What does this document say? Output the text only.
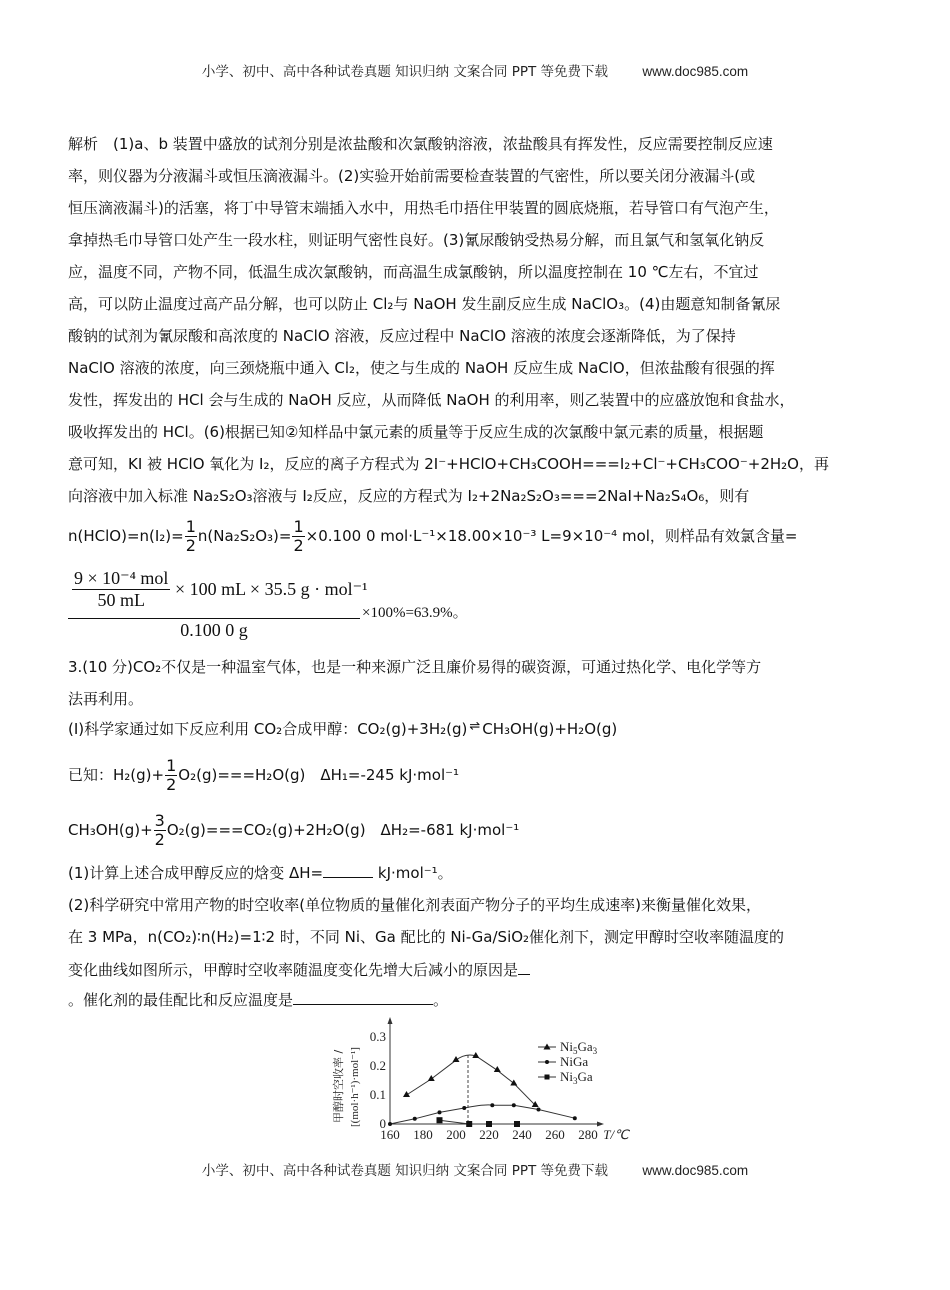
小学、初中、高中各种试卷真题 知识归纳 文案合同 PPT 等免费下载	www.doc985.com
解析　(1)a、b 装置中盛放的试剂分别是浓盐酸和次氯酸钠溶液，浓盐酸具有挥发性，反应需要控制反应速
率，则仪器为分液漏斗或恒压滴液漏斗。(2)实验开始前需要检查装置的气密性，所以要关闭分液漏斗(或
恒压滴液漏斗)的活塞，将丁中导管末端插入水中，用热毛巾捂住甲装置的圆底烧瓶，若导管口有气泡产生，
拿掉热毛巾导管口处产生一段水柱，则证明气密性良好。(3)氰尿酸钠受热易分解，而且氯气和氢氧化钠反
应，温度不同，产物不同，低温生成次氯酸钠，而高温生成氯酸钠，所以温度控制在 10 ℃左右，不宜过
高，可以防止温度过高产品分解，也可以防止 Cl₂与 NaOH 发生副反应生成 NaClO₃。(4)由题意知制备氰尿
酸钠的试剂为氰尿酸和高浓度的 NaClO 溶液，反应过程中 NaClO 溶液的浓度会逐渐降低，为了保持
NaClO 溶液的浓度，向三颈烧瓶中通入 Cl₂，使之与生成的 NaOH 反应生成 NaClO，但浓盐酸有很强的挥
发性，挥发出的 HCl 会与生成的 NaOH 反应，从而降低 NaOH 的利用率，则乙装置中的应盛放饱和食盐水，
吸收挥发出的 HCl。(6)根据已知②知样品中氯元素的质量等于反应生成的次氯酸中氯元素的质量，根据题
意可知，KI 被 HClO 氧化为 I₂，反应的离子方程式为 2I⁻+HClO+CH₃COOH===I₂+Cl⁻+CH₃COO⁻+2H₂O，再
向溶液中加入标准 Na₂S₂O₃溶液与 I₂反应，反应的方程式为 I₂+2Na₂S₂O₃===2NaI+Na₂S₄O₆，则有
n(HClO)=n(I₂)= $\frac{1}{2} n(Na_2S_2O_3)= \frac{1}{2} \times 0.100$ 0 mol·L⁻¹×18.00×10⁻³ L=9×10⁻⁴ mol，则样品有效氯含量=
9 × 10⁻⁴ mol
50 mL
× 100 mL × 35.5 g · mol⁻¹
0.100 0 g
×100%=63.9%。
3.(10 分)CO₂不仅是一种温室气体，也是一种来源广泛且廉价易得的碳资源，可通过热化学、电化学等方
法再利用。
(Ⅰ)科学家通过如下反应利用 CO₂合成甲醇：CO₂(g)+3H₂(g) ⇌ CH₃OH(g)+H₂O(g)
已知：$H_2(g)+ \frac{1}{2} O_2(g)===H_2O(g)$　ΔH₁=-245 kJ·mol⁻¹
$CH_3OH(g)+ \frac{3}{2} O_2(g)===CO_2(g)+2H_2O(g)$　ΔH₂=-681 kJ·mol⁻¹
(1)计算上述合成甲醇反应的焓变 ΔH=	kJ·mol⁻¹。
(2)科学研究中常用产物的时空收率(单位物质的量催化剂表面产物分子的平均生成速率)来衡量催化效果，
在 3 MPa，n(CO₂)∶n(H₂)=1∶2 时，不同 Ni、Ga 配比的 Ni-Ga/SiO₂催化剂下，测定甲醇时空收率随温度的
变化曲线如图所示，甲醇时空收率随温度变化先增大后减小的原因是
。催化剂的最佳配比和反应温度是	。
甲醇时空收率 / [(mol·h⁻¹)·mol⁻¹] 0
0.1
0.2
0.3
160 180 200 220 240 260 280 T/℃
$Ni_5Ga_3$
NiGa
$Ni_3Ga$
小学、初中、高中各种试卷真题 知识归纳 文案合同 PPT 等免费下载	www.doc985.com
